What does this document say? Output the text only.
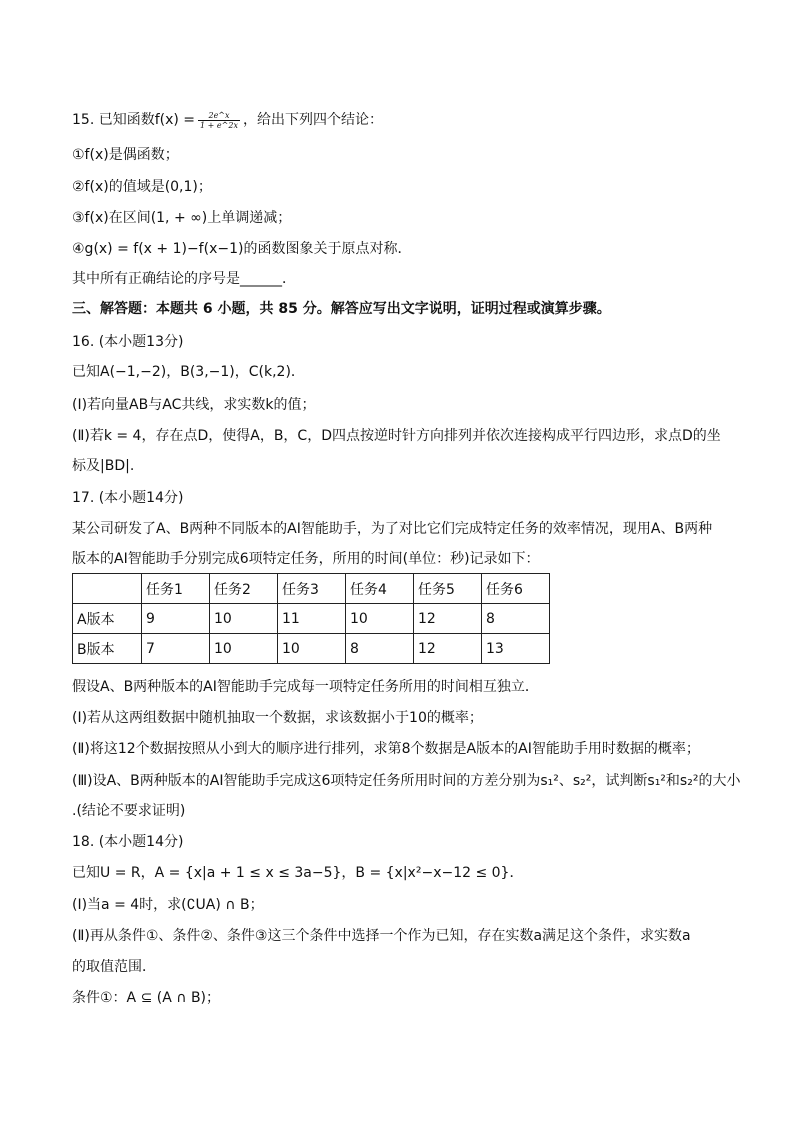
15. 已知函数$f(x) = \frac{2e\^{}x}{1 + e\^{}2x}$ ，给出下列四个结论：
①f(x)是偶函数；
②f(x)的值域是(0,1)；
③f(x)在区间(1, + ∞)上单调递减；
④g(x) = f(x + 1)−f(x−1)的函数图象关于原点对称．
其中所有正确结论的序号是______．
三、解答题：本题共 6 小题，共 85 分。解答应写出文字说明，证明过程或演算步骤。
16. (本小题13分)
已知A(−1,−2)，B(3,−1)，C(k,2)．
(Ⅰ)若向量AB与AC共线，求实数k的值；
(Ⅱ)若k = 4，存在点D，使得A，B，C，D四点按逆时针方向排列并依次连接构成平行四边形，求点D的坐
标及|BD|.
17. (本小题14分)
某公司研发了A、B两种不同版本的AI智能助手，为了对比它们完成特定任务的效率情况，现用A、B两种
版本的AI智能助手分别完成6项特定任务，所用的时间(单位：秒)记录如下：
	任务1	任务2	任务3	任务4	任务5	任务6
A版本	9	10	11	10	12	8
B版本	7	10	10	8	12	13
假设A、B两种版本的AI智能助手完成每一项特定任务所用的时间相互独立．
(Ⅰ)若从这两组数据中随机抽取一个数据，求该数据小于10的概率；
(Ⅱ)将这12个数据按照从小到大的顺序进行排列，求第8个数据是A版本的AI智能助手用时数据的概率；
(Ⅲ)设A、B两种版本的AI智能助手完成这6项特定任务所用时间的方差分别为s₁²、s₂²，试判断s₁²和s₂²的大小
.(结论不要求证明)
18. (本小题14分)
已知U = R，A = {x|a + 1 ≤ x ≤ 3a−5}，B = {x|x²−x−12 ≤ 0}．
(Ⅰ)当a = 4时，求(∁UA) ∩ B；
(Ⅱ)再从条件①、条件②、条件③这三个条件中选择一个作为已知，存在实数a满足这个条件，求实数a
的取值范围．
条件①：A ⊆ (A ∩ B)；
